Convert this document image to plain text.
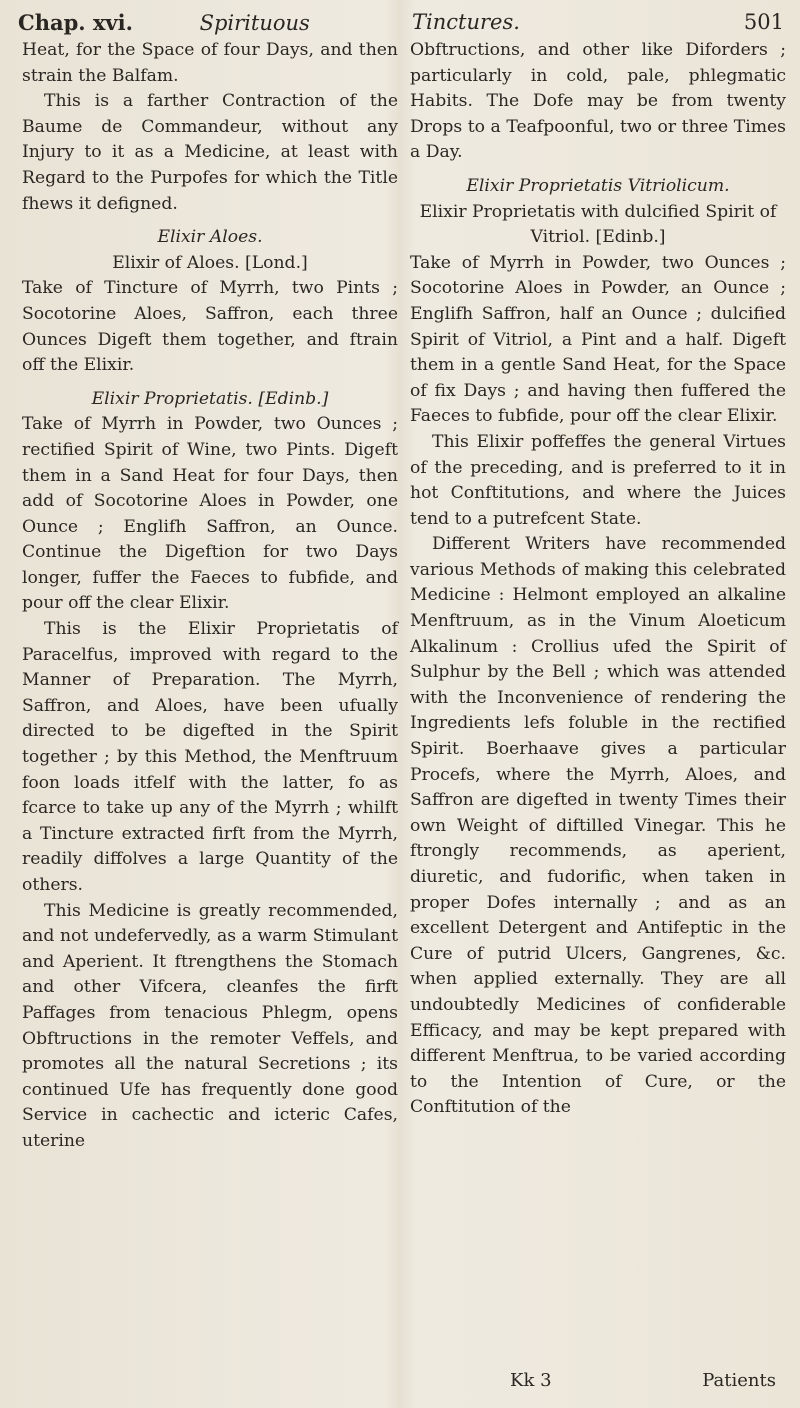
Chap. xvi.	Spirituous	Tinctures.	501

Heat, for the Space of four Days, and then strain the Balfam.

This is a farther Contraction of the Baume de Commandeur, without any Injury to it as a Medicine, at least with Regard to the Purpofes for which the Title fhews it defigned.

Elixir Aloes.

Elixir of Aloes. [Lond.]

Take of Tincture of Myrrh, two Pints ; Socotorine Aloes, Saffron, each three Ounces Digeft them together, and ftrain off the Elixir.

Elixir Proprietatis. [Edinb.]

Take of Myrrh in Powder, two Ounces ; rectified Spirit of Wine, two Pints. Digeft them in a Sand Heat for four Days, then add of Socotorine Aloes in Powder, one Ounce ; Englifh Saffron, an Ounce. Continue the Digeftion for two Days longer, fuffer the Faeces to fubfide, and pour off the clear Elixir.

This is the Elixir Proprietatis of Paracelfus, improved with regard to the Manner of Preparation. The Myrrh, Saffron, and Aloes, have been ufually directed to be digefted in the Spirit together ; by this Method, the Menftruum foon loads itfelf with the latter, fo as fcarce to take up any of the Myrrh ; whilft a Tincture extracted firft from the Myrrh, readily diffolves a large Quantity of the others.

This Medicine is greatly recommended, and not undefervedly, as a warm Stimulant and Aperient. It ftrengthens the Stomach and other Vifcera, cleanfes the firft Paffages from tenacious Phlegm, opens Obftructions in the remoter Veffels, and promotes all the natural Secretions ; its continued Ufe has frequently done good Service in cachectic and icteric Cafes, uterine

Obftructions, and other like Diforders ; particularly in cold, pale, phlegmatic Habits. The Dofe may be from twenty Drops to a Teafpoonful, two or three Times a Day.

Elixir Proprietatis Vitriolicum.

Elixir Proprietatis with dulcified Spirit of Vitriol. [Edinb.]

Take of Myrrh in Powder, two Ounces ; Socotorine Aloes in Powder, an Ounce ; Englifh Saffron, half an Ounce ; dulcified Spirit of Vitriol, a Pint and a half. Digeft them in a gentle Sand Heat, for the Space of fix Days ; and having then fuffered the Faeces to fubfide, pour off the clear Elixir.

This Elixir poffeffes the general Virtues of the preceding, and is preferred to it in hot Conftitutions, and where the Juices tend to a putrefcent State.

Different Writers have recommended various Methods of making this celebrated Medicine : Helmont employed an alkaline Menftruum, as in the Vinum Aloeticum Alkalinum : Crollius ufed the Spirit of Sulphur by the Bell ; which was attended with the Inconvenience of rendering the Ingredients lefs foluble in the rectified Spirit. Boerhaave gives a particular Procefs, where the Myrrh, Aloes, and Saffron are digefted in twenty Times their own Weight of diftilled Vinegar. This he ftrongly recommends, as aperient, diuretic, and fudorific, when taken in proper Dofes internally ; and as an excellent Detergent and Antifeptic in the Cure of putrid Ulcers, Gangrenes, &c. when applied externally. They are all undoubtedly Medicines of confiderable Efficacy, and may be kept prepared with different Menftrua, to be varied according to the Intention of Cure, or the Conftitution of the

Kk 3	Patients
